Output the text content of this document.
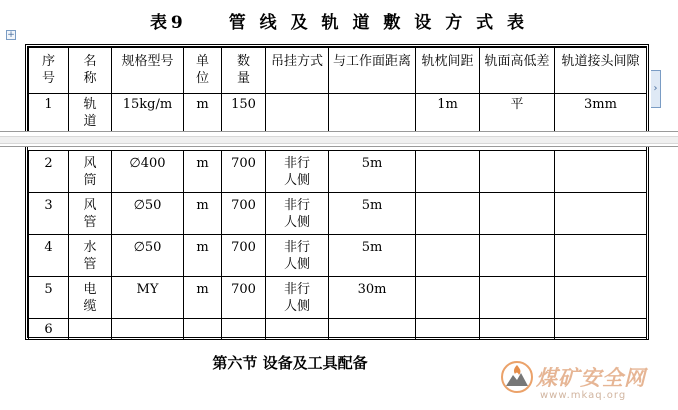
表9　　管 线 及 轨 道 敷 设 方 式 表
+
序号	名称	规格型号	单位	数量	吊挂方式	与工作面距离	轨枕间距	轨面高低差	轨道接头间隙
1	轨道	15kg/m	m	150			1m	平	3mm

2	风筒	∅400	m	700	非行人侧	5m			
3	风管	∅50	m	700	非行人侧	5m			
4	水管	∅50	m	700	非行人侧	5m			
5	电缆	MY	m	700	非行人侧	30m			
6									
›
第六节 设备及工具配备
煤矿安全网
www.mkaq.org
